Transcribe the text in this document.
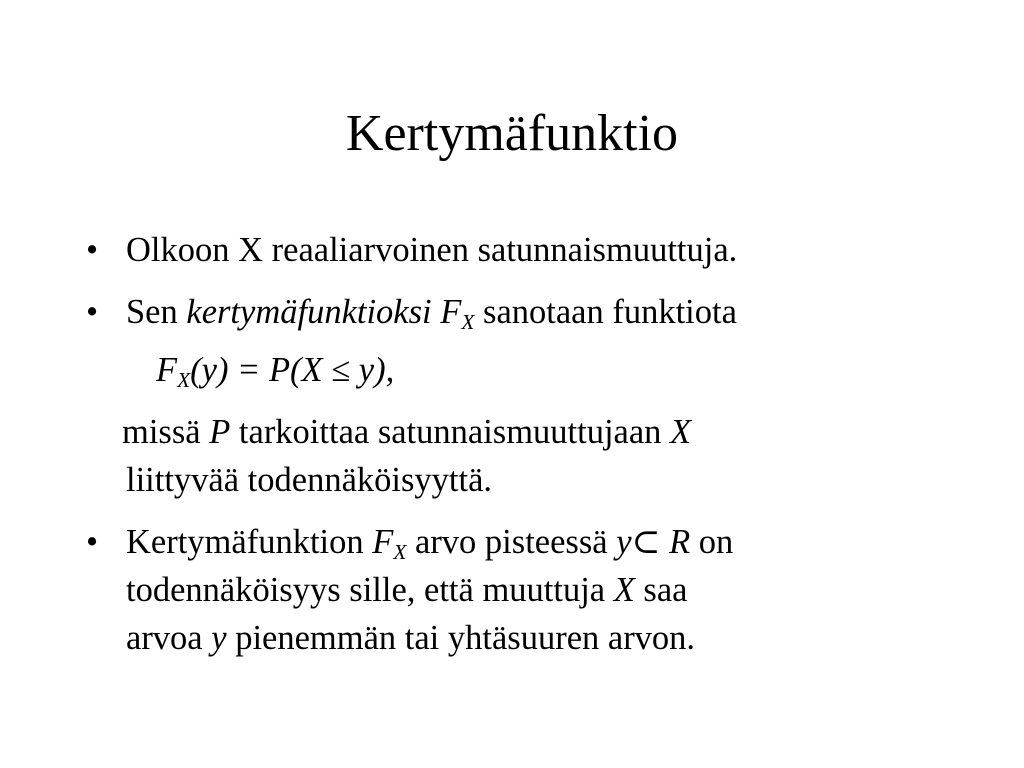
Kertymäfunktio
• Olkoon X reaaliarvoinen satunnaismuuttuja.
• Sen kertymäfunktioksi $F_X$ sanotaan funktiota
$F_X(y) = P(X \le y)$,
missä P tarkoittaa satunnaismuuttujaan X
liittyvää todennäköisyyttä.
• Kertymäfunktion $F_X$ arvo pisteessä y⊂ R on
todennäköisyys sille, että muuttuja X saa
arvoa y pienemmän tai yhtäsuuren arvon.
